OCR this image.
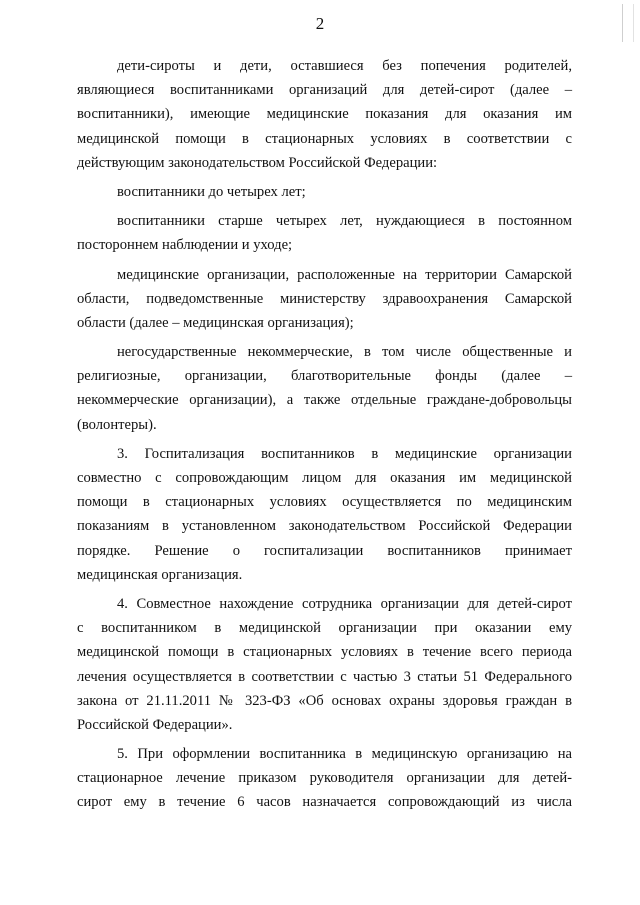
2
дети-сироты и дети, оставшиеся без попечения родителей,
являющиеся воспитанниками организаций для детей-сирот (далее –
воспитанники), имеющие медицинские показания для оказания им
медицинской помощи в стационарных условиях в соответствии с
действующим законодательством Российской Федерации:
воспитанники до четырех лет;
воспитанники старше четырех лет, нуждающиеся в постоянном
постороннем наблюдении и уходе;
медицинские организации, расположенные на территории Самарской
области, подведомственные министерству здравоохранения Самарской
области (далее – медицинская организация);
негосударственные некоммерческие, в том числе общественные и
религиозные, организации, благотворительные фонды (далее –
некоммерческие организации), а также отдельные граждане-добровольцы
(волонтеры).
3. Госпитализация воспитанников в медицинские организации
совместно с сопровождающим лицом для оказания им медицинской
помощи в стационарных условиях осуществляется по медицинским
показаниям в установленном законодательством Российской Федерации
порядке. Решение о госпитализации воспитанников принимает
медицинская организация.
4. Совместное нахождение сотрудника организации для детей-сирот
с воспитанником в медицинской организации при оказании ему
медицинской помощи в стационарных условиях в течение всего периода
лечения осуществляется в соответствии с частью 3 статьи 51 Федерального
закона от 21.11.2011 № 323-ФЗ «Об основах охраны здоровья граждан в
Российской Федерации».
5. При оформлении воспитанника в медицинскую организацию на
стационарное лечение приказом руководителя организации для детей-
сирот ему в течение 6 часов назначается сопровождающий из числа
